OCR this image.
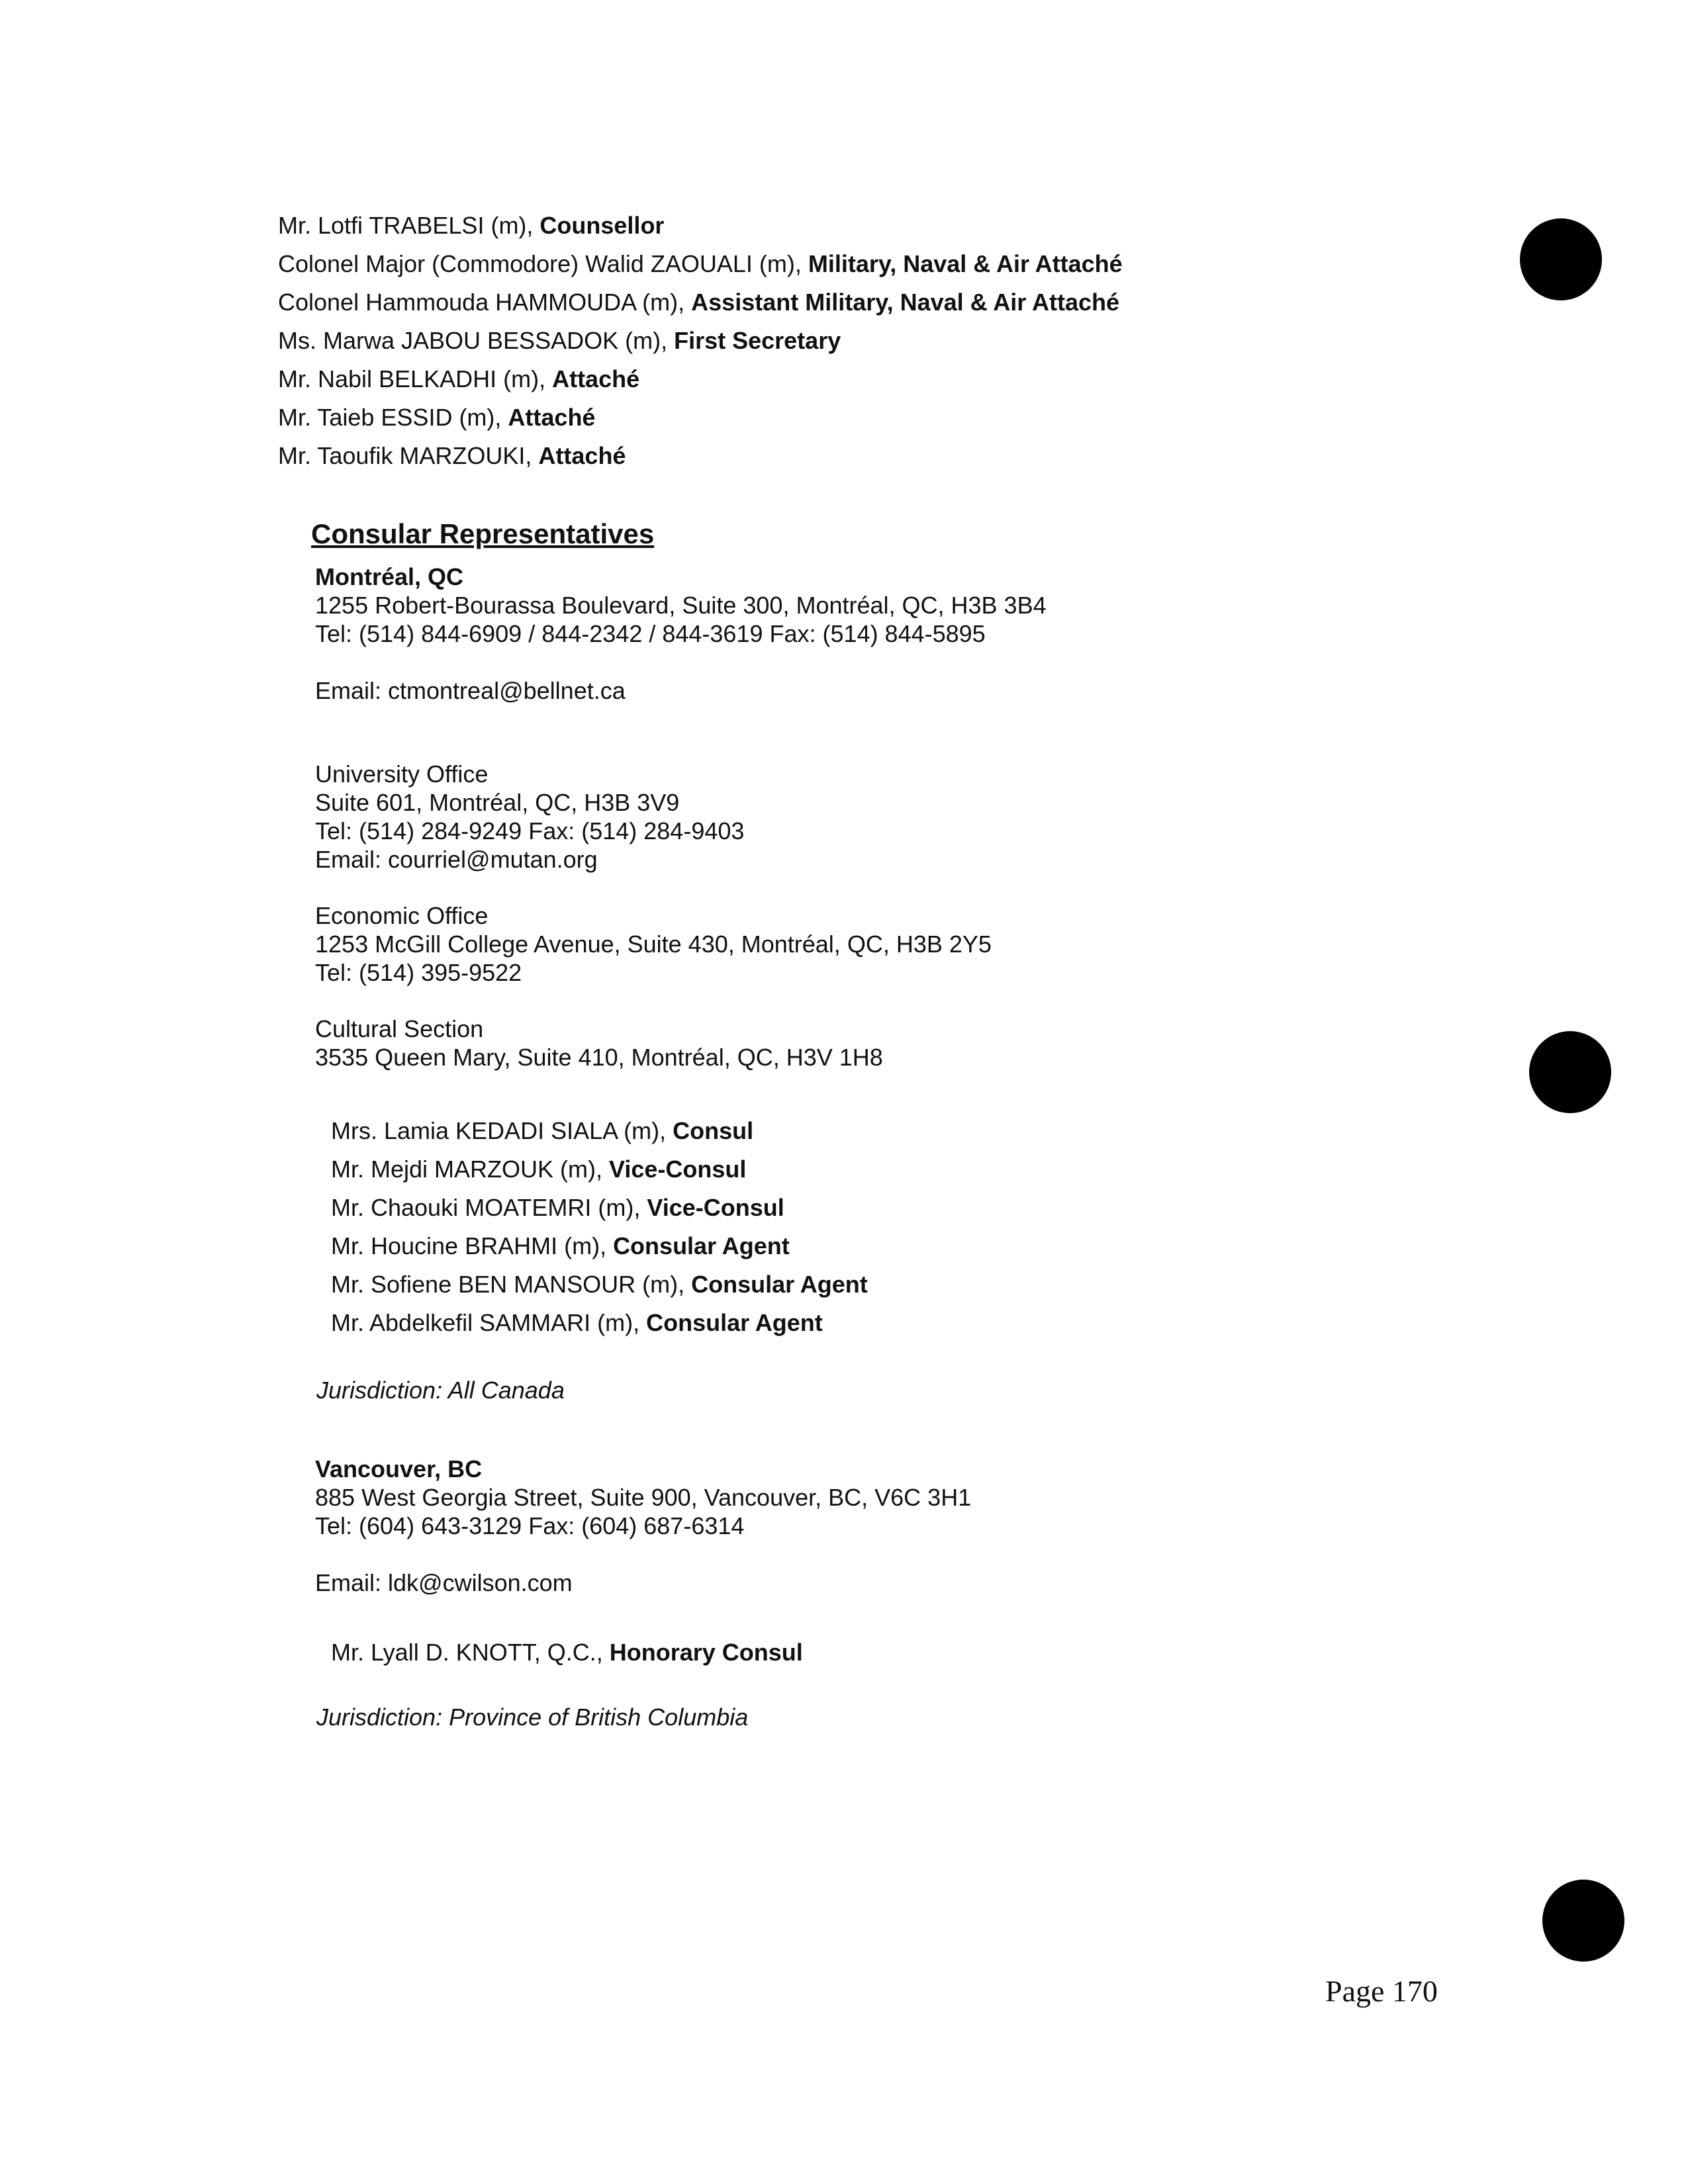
Mr. Lotfi TRABELSI (m), Counsellor
Colonel Major (Commodore) Walid ZAOUALI (m), Military, Naval & Air Attaché
Colonel Hammouda HAMMOUDA (m), Assistant Military, Naval & Air Attaché
Ms. Marwa JABOU BESSADOK (m), First Secretary
Mr. Nabil BELKADHI (m), Attaché
Mr. Taieb ESSID (m), Attaché
Mr. Taoufik MARZOUKI, Attaché
Consular Representatives
Montréal, QC
1255 Robert-Bourassa Boulevard, Suite 300, Montréal, QC, H3B 3B4
Tel: (514) 844-6909 / 844-2342 / 844-3619 Fax: (514) 844-5895
Email: ctmontreal@bellnet.ca
University Office
Suite 601, Montréal, QC, H3B 3V9
Tel: (514) 284-9249 Fax: (514) 284-9403
Email: courriel@mutan.org
Economic Office
1253 McGill College Avenue, Suite 430, Montréal, QC, H3B 2Y5
Tel: (514) 395-9522
Cultural Section
3535 Queen Mary, Suite 410, Montréal, QC, H3V 1H8
Mrs. Lamia KEDADI SIALA (m), Consul
Mr. Mejdi MARZOUK (m), Vice-Consul
Mr. Chaouki MOATEMRI (m), Vice-Consul
Mr. Houcine BRAHMI (m), Consular Agent
Mr. Sofiene BEN MANSOUR (m), Consular Agent
Mr. Abdelkefil SAMMARI (m), Consular Agent
Jurisdiction: All Canada
Vancouver, BC
885 West Georgia Street, Suite 900, Vancouver, BC, V6C 3H1
Tel: (604) 643-3129 Fax: (604) 687-6314
Email: ldk@cwilson.com
Mr. Lyall D. KNOTT, Q.C., Honorary Consul
Jurisdiction: Province of British Columbia
Page 170
